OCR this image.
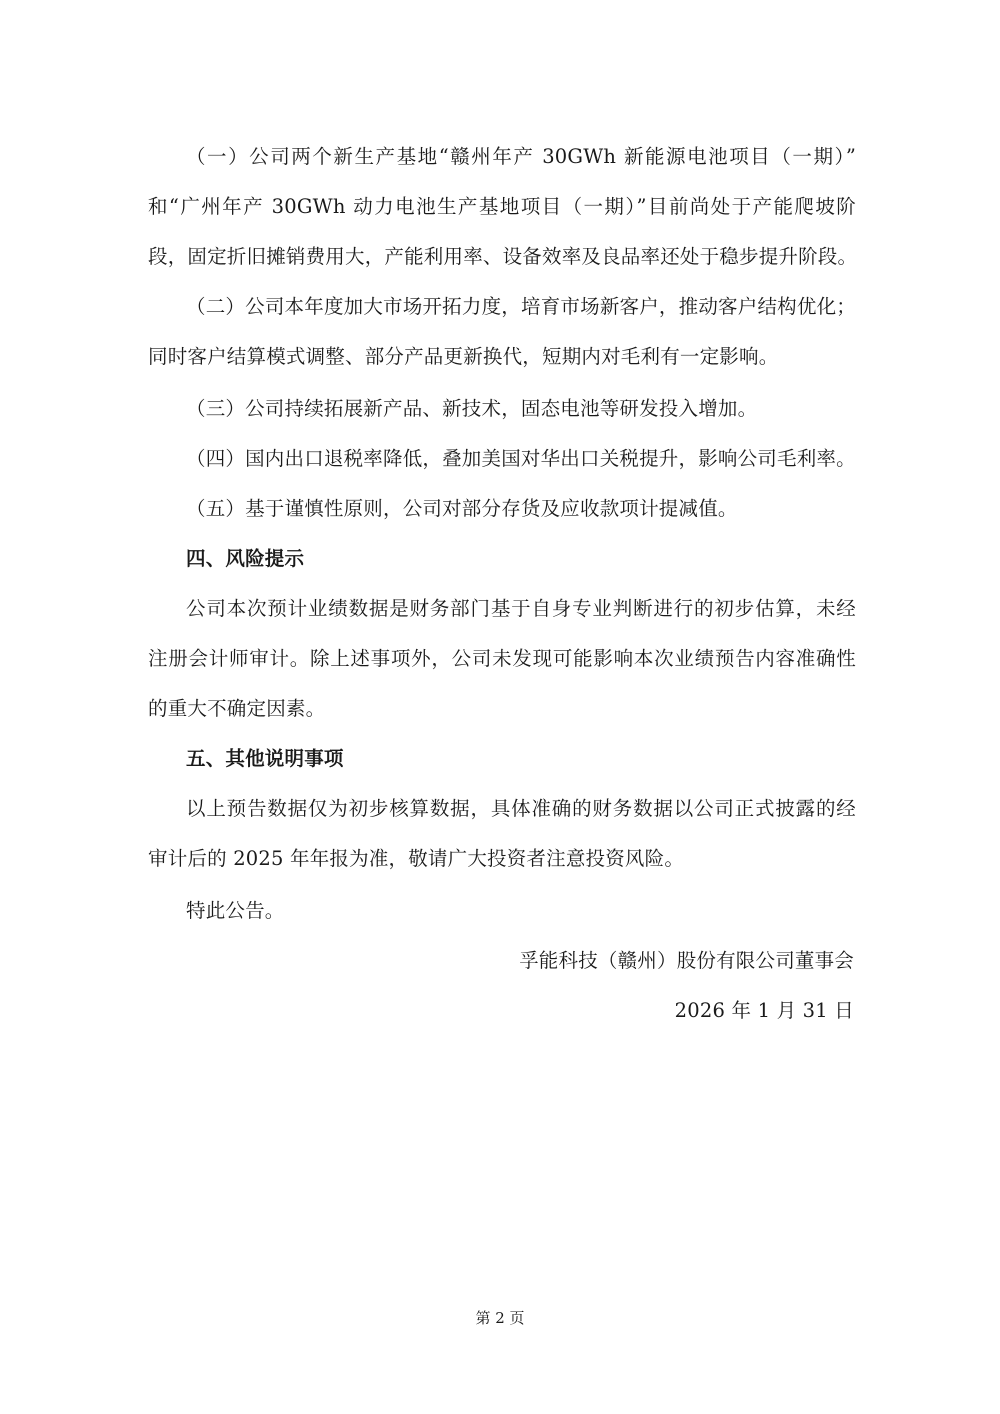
（一）公司两个新生产基地“赣州年产 30GWh 新能源电池项目（一期）”
和“广州年产 30GWh 动力电池生产基地项目（一期）”目前尚处于产能爬坡阶
段，固定折旧摊销费用大，产能利用率、设备效率及良品率还处于稳步提升阶段。
（二）公司本年度加大市场开拓力度，培育市场新客户，推动客户结构优化；
同时客户结算模式调整、部分产品更新换代，短期内对毛利有一定影响。
（三）公司持续拓展新产品、新技术，固态电池等研发投入增加。
（四）国内出口退税率降低，叠加美国对华出口关税提升，影响公司毛利率。
（五）基于谨慎性原则，公司对部分存货及应收款项计提减值。
四、风险提示
公司本次预计业绩数据是财务部门基于自身专业判断进行的初步估算，未经
注册会计师审计。除上述事项外，公司未发现可能影响本次业绩预告内容准确性
的重大不确定因素。
五、其他说明事项
以上预告数据仅为初步核算数据，具体准确的财务数据以公司正式披露的经
审计后的 2025 年年报为准，敬请广大投资者注意投资风险。
特此公告。
孚能科技（赣州）股份有限公司董事会
2026 年 1 月 31 日
第 2 页
